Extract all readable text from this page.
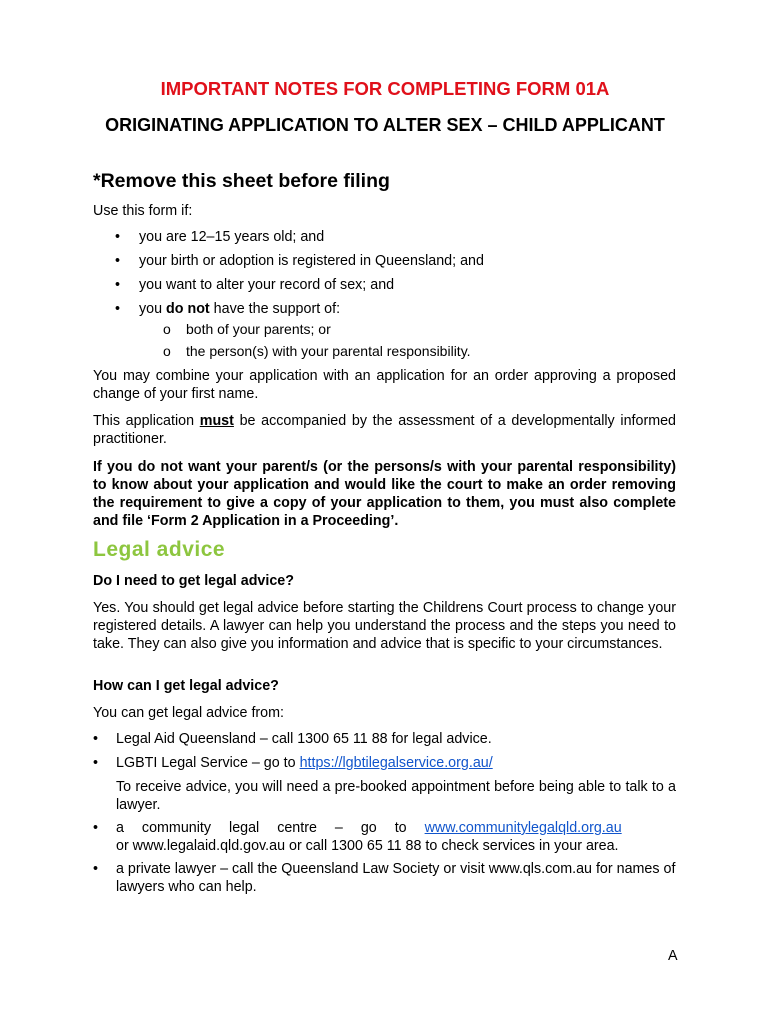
IMPORTANT NOTES FOR COMPLETING FORM 01A
ORIGINATING APPLICATION TO ALTER SEX – CHILD APPLICANT
*Remove this sheet before filing
Use this form if:
• you are 12–15 years old; and
• your birth or adoption is registered in Queensland; and
• you want to alter your record of sex; and
• you do not have the support of:
o both of your parents; or
o the person(s) with your parental responsibility.
You may combine your application with an application for an order approving a proposed change of your first name.
This application must be accompanied by the assessment of a developmentally informed practitioner.
If you do not want your parent/s (or the persons/s with your parental responsibility) to know about your application and would like the court to make an order removing the requirement to give a copy of your application to them, you must also complete and file ‘Form 2 Application in a Proceeding’.
Legal advice
Do I need to get legal advice?
Yes. You should get legal advice before starting the Childrens Court process to change your registered details. A lawyer can help you understand the process and the steps you need to take. They can also give you information and advice that is specific to your circumstances.
How can I get legal advice?
You can get legal advice from:
• Legal Aid Queensland – call 1300 65 11 88 for legal advice.
• LGBTI Legal Service – go to https://lgbtilegalservice.org.au/
To receive advice, you will need a pre-booked appointment before being able to talk to a lawyer.
• a community legal centre – go to www.communitylegalqld.org.au
or www.legalaid.qld.gov.au or call 1300 65 11 88 to check services in your area.
• a private lawyer – call the Queensland Law Society or visit www.qls.com.au for names of lawyers who can help.
A
